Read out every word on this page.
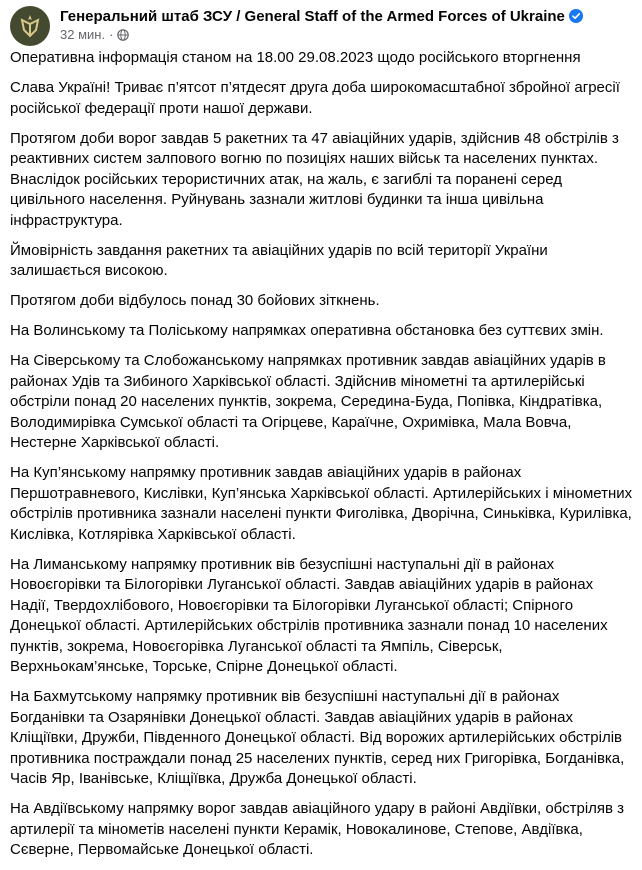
Генеральний штаб ЗСУ / General Staff of the Armed Forces of Ukraine
32 мин. ·

Оперативна інформація станом на 18.00 29.08.2023 щодо російського вторгнення

Слава Україні! Триває п’ятсот п’ятдесят друга доба широкомасштабної збройної агресії російської федерації проти нашої держави.

Протягом доби ворог завдав 5 ракетних та 47 авіаційних ударів, здійснив 48 обстрілів з реактивних систем залпового вогню по позиціях наших військ та населених пунктах. Внаслідок російських терористичних атак, на жаль, є загиблі та поранені серед цивільного населення. Руйнувань зазнали житлові будинки та інша цивільна інфраструктура.

Ймовірність завдання ракетних та авіаційних ударів по всій території України залишається високою.

Протягом доби відбулось понад 30 бойових зіткнень.

На Волинському та Поліському напрямках оперативна обстановка без суттєвих змін.

На Сіверському та Слобожанському напрямках противник завдав авіаційних ударів в районах Удів та Зибиного Харківської області. Здійснив мінометні та артилерійські обстріли понад 20 населених пунктів, зокрема, Середина-Буда, Попівка, Кіндратівка, Володимирівка Сумської області та Огірцеве, Караїчне, Охримівка, Мала Вовча, Нестерне Харківської області.

На Куп’янському напрямку противник завдав авіаційних ударів в районах Першотравневого, Кислівки, Куп’янська Харківської області. Артилерійських і мінометних обстрілів противника зазнали населені пункти Фиголівка, Дворічна, Синьківка, Курилівка, Кислівка, Котлярівка Харківської області.

На Лиманському напрямку противник вів безуспішні наступальні дії в районах Новоєгорівки та Білогорівки Луганської області. Завдав авіаційних ударів в районах Надії, Твердохлібового, Новоєгорівки та Білогорівки Луганської області; Спірного Донецької області. Артилерійських обстрілів противника зазнали понад 10 населених пунктів, зокрема, Новоєгорівка Луганської області та Ямпіль, Сіверськ, Верхньокам’янське, Торське, Спірне Донецької області.

На Бахмутському напрямку противник вів безуспішні наступальні дії в районах Богданівки та Озарянівки Донецької області. Завдав авіаційних ударів в районах Кліщіївки, Дружби, Південного Донецької області. Від ворожих артилерійських обстрілів противника постраждали понад 25 населених пунктів, серед них Григорівка, Богданівка, Часів Яр, Іванівське, Кліщіївка, Дружба Донецької області.

На Авдіївському напрямку ворог завдав авіаційного удару в районі Авдіївки, обстріляв з артилерії та мінометів населені пункти Керамік, Новокалинове, Степове, Авдіївка, Сєверне, Первомайське Донецької області.
